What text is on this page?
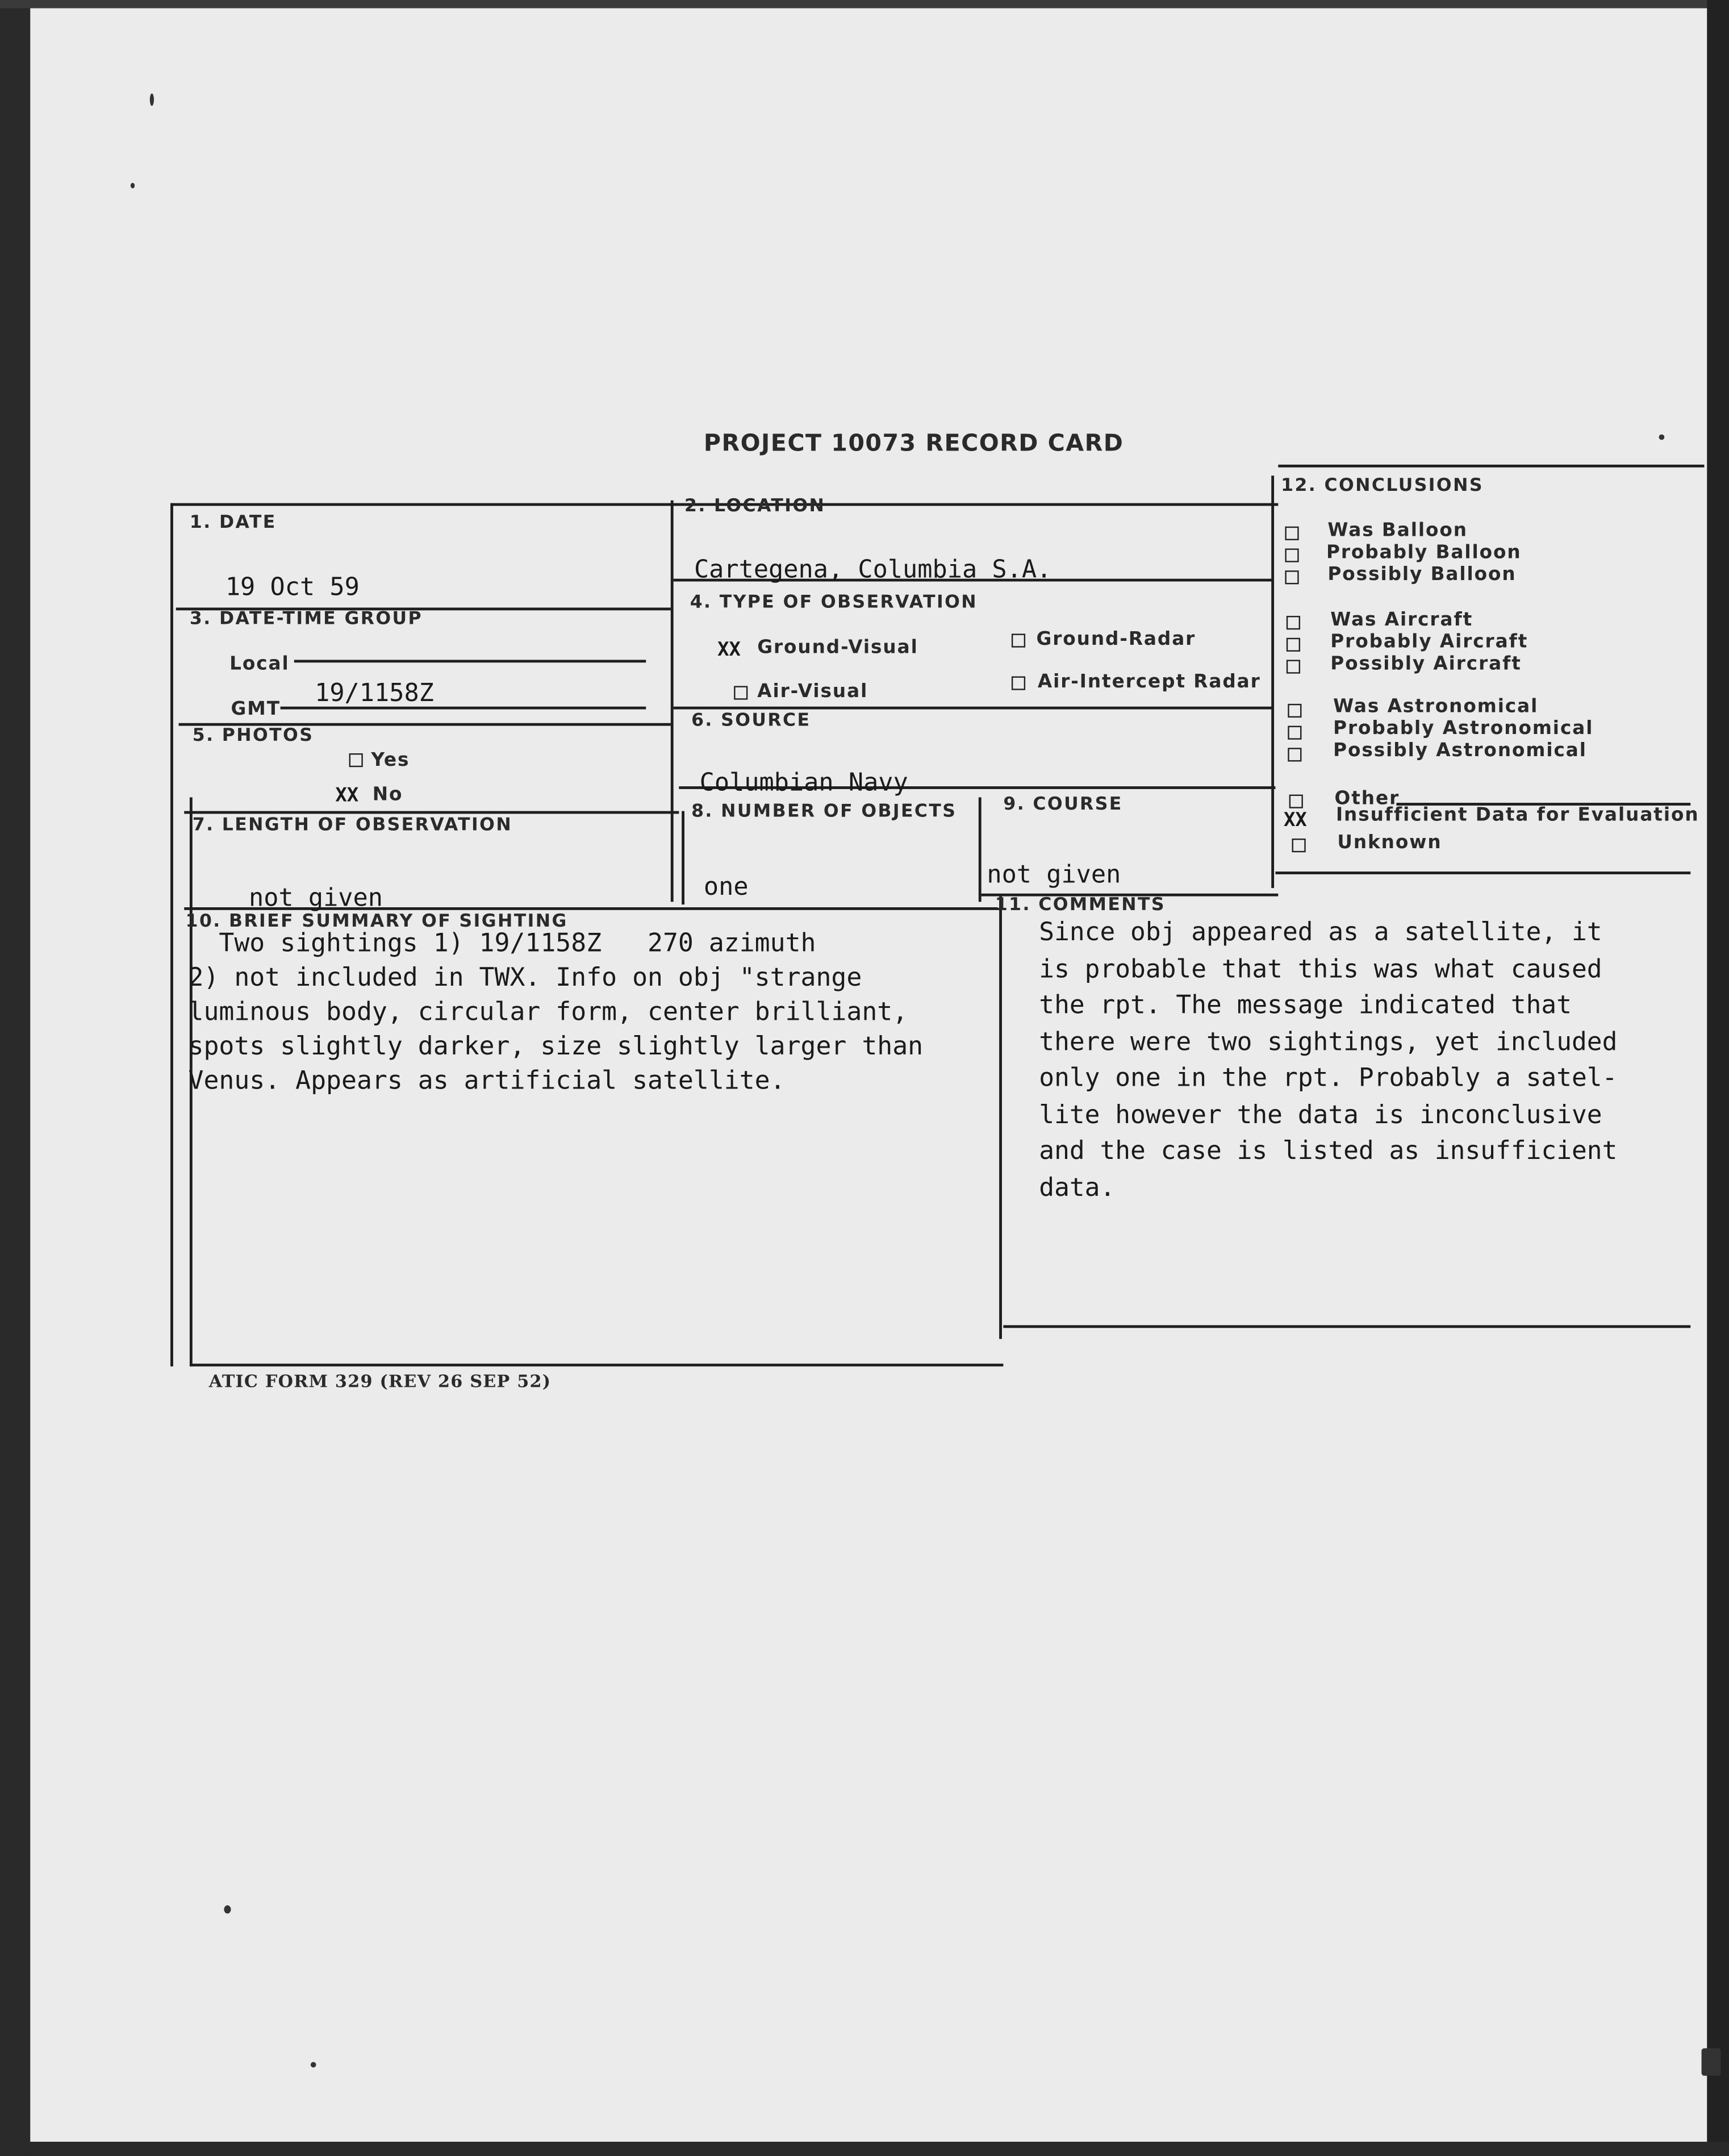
PROJECT 10073 RECORD CARD
1. DATE
19 Oct 59
2. LOCATION
Cartegena, Columbia S.A.
3. DATE-TIME GROUP
Local
GMT
19/1158Z
4. TYPE OF OBSERVATION
XX Ground-Visual	Ground-Radar
Air-Visual	Air-Intercept Radar
5. PHOTOS
Yes
XX No
6. SOURCE
Columbian Navy
7. LENGTH OF OBSERVATION
not given
8. NUMBER OF OBJECTS
one
9. COURSE
not given
10. BRIEF SUMMARY OF SIGHTING
Two sightings 1) 19/1158Z   270 azimuth
2) not included in TWX. Info on obj "strange
luminous body, circular form, center brilliant,
spots slightly darker, size slightly larger than
Venus. Appears as artificial satellite.
11. COMMENTS
Since obj appeared as a satellite, it
is probable that this was what caused
the rpt. The message indicated that
there were two sightings, yet included
only one in the rpt. Probably a satel-
lite however the data is inconclusive
and the case is listed as insufficient
data.
12. CONCLUSIONS
Was Balloon
Probably Balloon
Possibly Balloon
Was Aircraft
Probably Aircraft
Possibly Aircraft
Was Astronomical
Probably Astronomical
Possibly Astronomical
Other
XX	Insufficient Data for Evaluation
Unknown
ATIC FORM 329 (REV 26 SEP 52)
